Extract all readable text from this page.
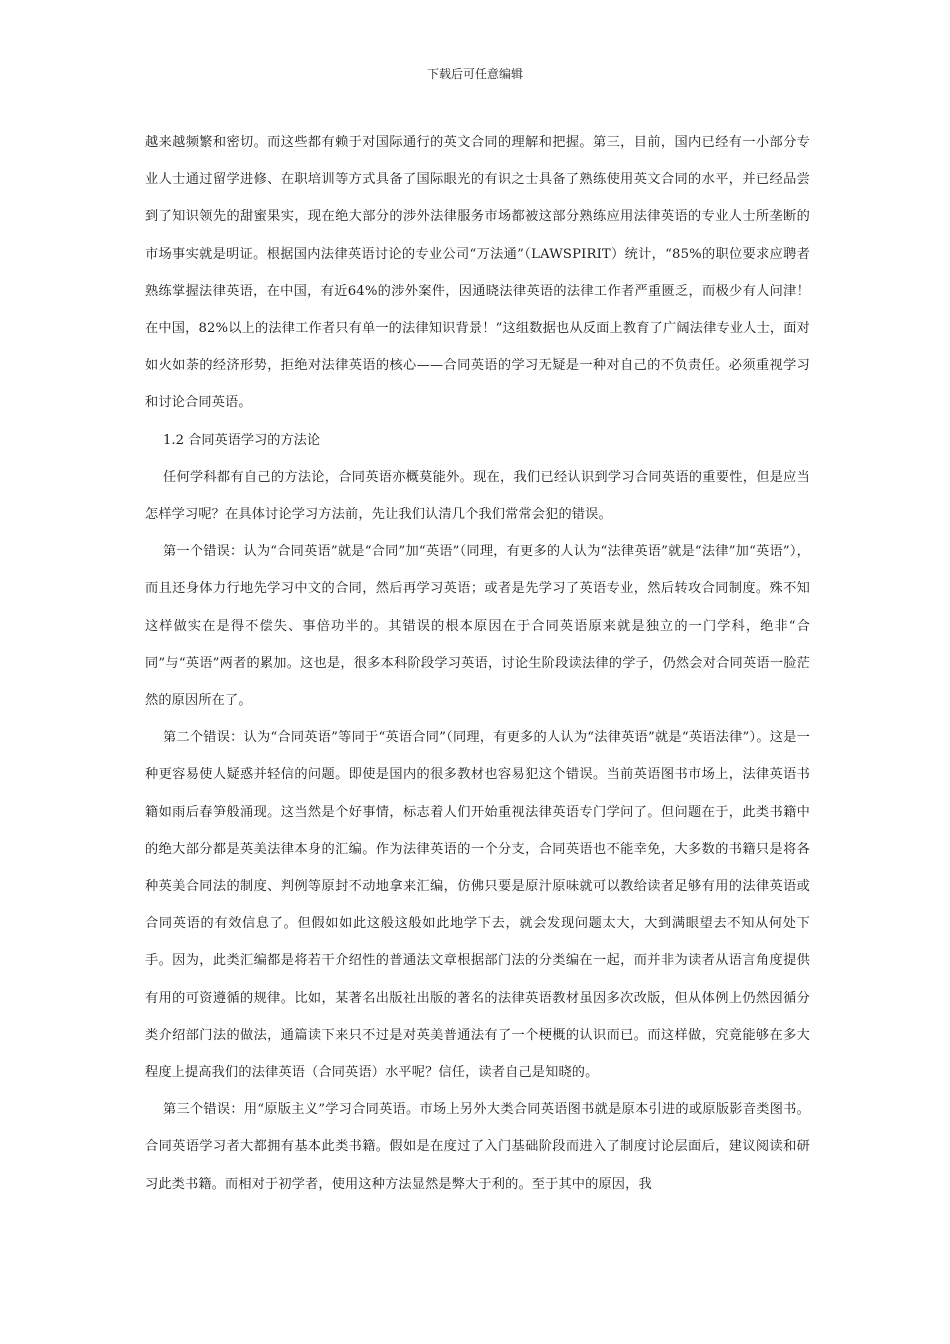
下载后可任意编辑

越来越频繁和密切。而这些都有赖于对国际通行的英文合同的理解和把握。第三，目前，国内已经有一小部分专业人士通过留学进修、在职培训等方式具备了国际眼光的有识之士具备了熟练使用英文合同的水平，并已经品尝到了知识领先的甜蜜果实，现在绝大部分的涉外法律服务市场都被这部分熟练应用法律英语的专业人士所垄断的市场事实就是明证。根据国内法律英语讨论的专业公司“万法通”（LAWSPIRIT）统计，“85%的职位要求应聘者熟练掌握法律英语，在中国，有近64%的涉外案件，因通晓法律英语的法律工作者严重匮乏，而极少有人问津！在中国，82%以上的法律工作者只有单一的法律知识背景！”这组数据也从反面上教育了广阔法律专业人士，面对如火如荼的经济形势，拒绝对法律英语的核心——合同英语的学习无疑是一种对自己的不负责任。必须重视学习和讨论合同英语。

1.2 合同英语学习的方法论

任何学科都有自己的方法论，合同英语亦概莫能外。现在，我们已经认识到学习合同英语的重要性，但是应当怎样学习呢？在具体讨论学习方法前，先让我们认清几个我们常常会犯的错误。

第一个错误：认为“合同英语”就是“合同”加“英语”（同理，有更多的人认为“法律英语”就是“法律”加“英语”），而且还身体力行地先学习中文的合同，然后再学习英语；或者是先学习了英语专业，然后转攻合同制度。殊不知这样做实在是得不偿失、事倍功半的。其错误的根本原因在于合同英语原来就是独立的一门学科，绝非“合同”与“英语”两者的累加。这也是，很多本科阶段学习英语，讨论生阶段读法律的学子，仍然会对合同英语一脸茫然的原因所在了。

第二个错误：认为“合同英语”等同于“英语合同”（同理，有更多的人认为“法律英语”就是“英语法律”）。这是一种更容易使人疑惑并轻信的问题。即使是国内的很多教材也容易犯这个错误。当前英语图书市场上，法律英语书籍如雨后春笋般涌现。这当然是个好事情，标志着人们开始重视法律英语专门学问了。但问题在于，此类书籍中的绝大部分都是英美法律本身的汇编。作为法律英语的一个分支，合同英语也不能幸免，大多数的书籍只是将各种英美合同法的制度、判例等原封不动地拿来汇编，仿佛只要是原汁原味就可以教给读者足够有用的法律英语或合同英语的有效信息了。但假如如此这般这般如此地学下去，就会发现问题太大，大到满眼望去不知从何处下手。因为，此类汇编都是将若干介绍性的普通法文章根据部门法的分类编在一起，而并非为读者从语言角度提供有用的可资遵循的规律。比如，某著名出版社出版的著名的法律英语教材虽因多次改版，但从体例上仍然因循分类介绍部门法的做法，通篇读下来只不过是对英美普通法有了一个梗概的认识而已。而这样做，究竟能够在多大程度上提高我们的法律英语（合同英语）水平呢？信任，读者自己是知晓的。

第三个错误：用“原版主义”学习合同英语。市场上另外大类合同英语图书就是原本引进的或原版影音类图书。合同英语学习者大都拥有基本此类书籍。假如是在度过了入门基础阶段而进入了制度讨论层面后，建议阅读和研习此类书籍。而相对于初学者，使用这种方法显然是弊大于利的。至于其中的原因，我
